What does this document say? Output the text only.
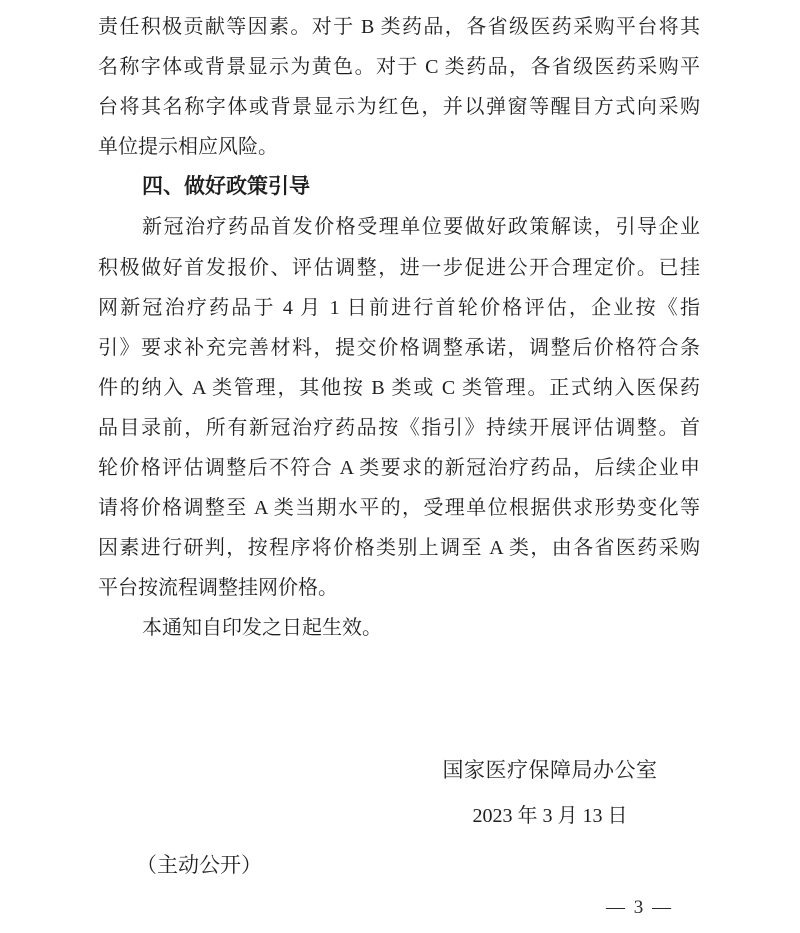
责任积极贡献等因素。对于 B 类药品，各省级医药采购平台将其
名称字体或背景显示为黄色。对于 C 类药品，各省级医药采购平
台将其名称字体或背景显示为红色，并以弹窗等醒目方式向采购
单位提示相应风险。
四、做好政策引导
新冠治疗药品首发价格受理单位要做好政策解读，引导企业
积极做好首发报价、评估调整，进一步促进公开合理定价。已挂
网新冠治疗药品于 4 月 1 日前进行首轮价格评估，企业按《指
引》要求补充完善材料，提交价格调整承诺，调整后价格符合条
件的纳入 A 类管理，其他按 B 类或 C 类管理。正式纳入医保药
品目录前，所有新冠治疗药品按《指引》持续开展评估调整。首
轮价格评估调整后不符合 A 类要求的新冠治疗药品，后续企业申
请将价格调整至 A 类当期水平的，受理单位根据供求形势变化等
因素进行研判，按程序将价格类别上调至 A 类，由各省医药采购
平台按流程调整挂网价格。
本通知自印发之日起生效。
国家医疗保障局办公室
2023 年 3 月 13 日
（主动公开）
— 3 —
